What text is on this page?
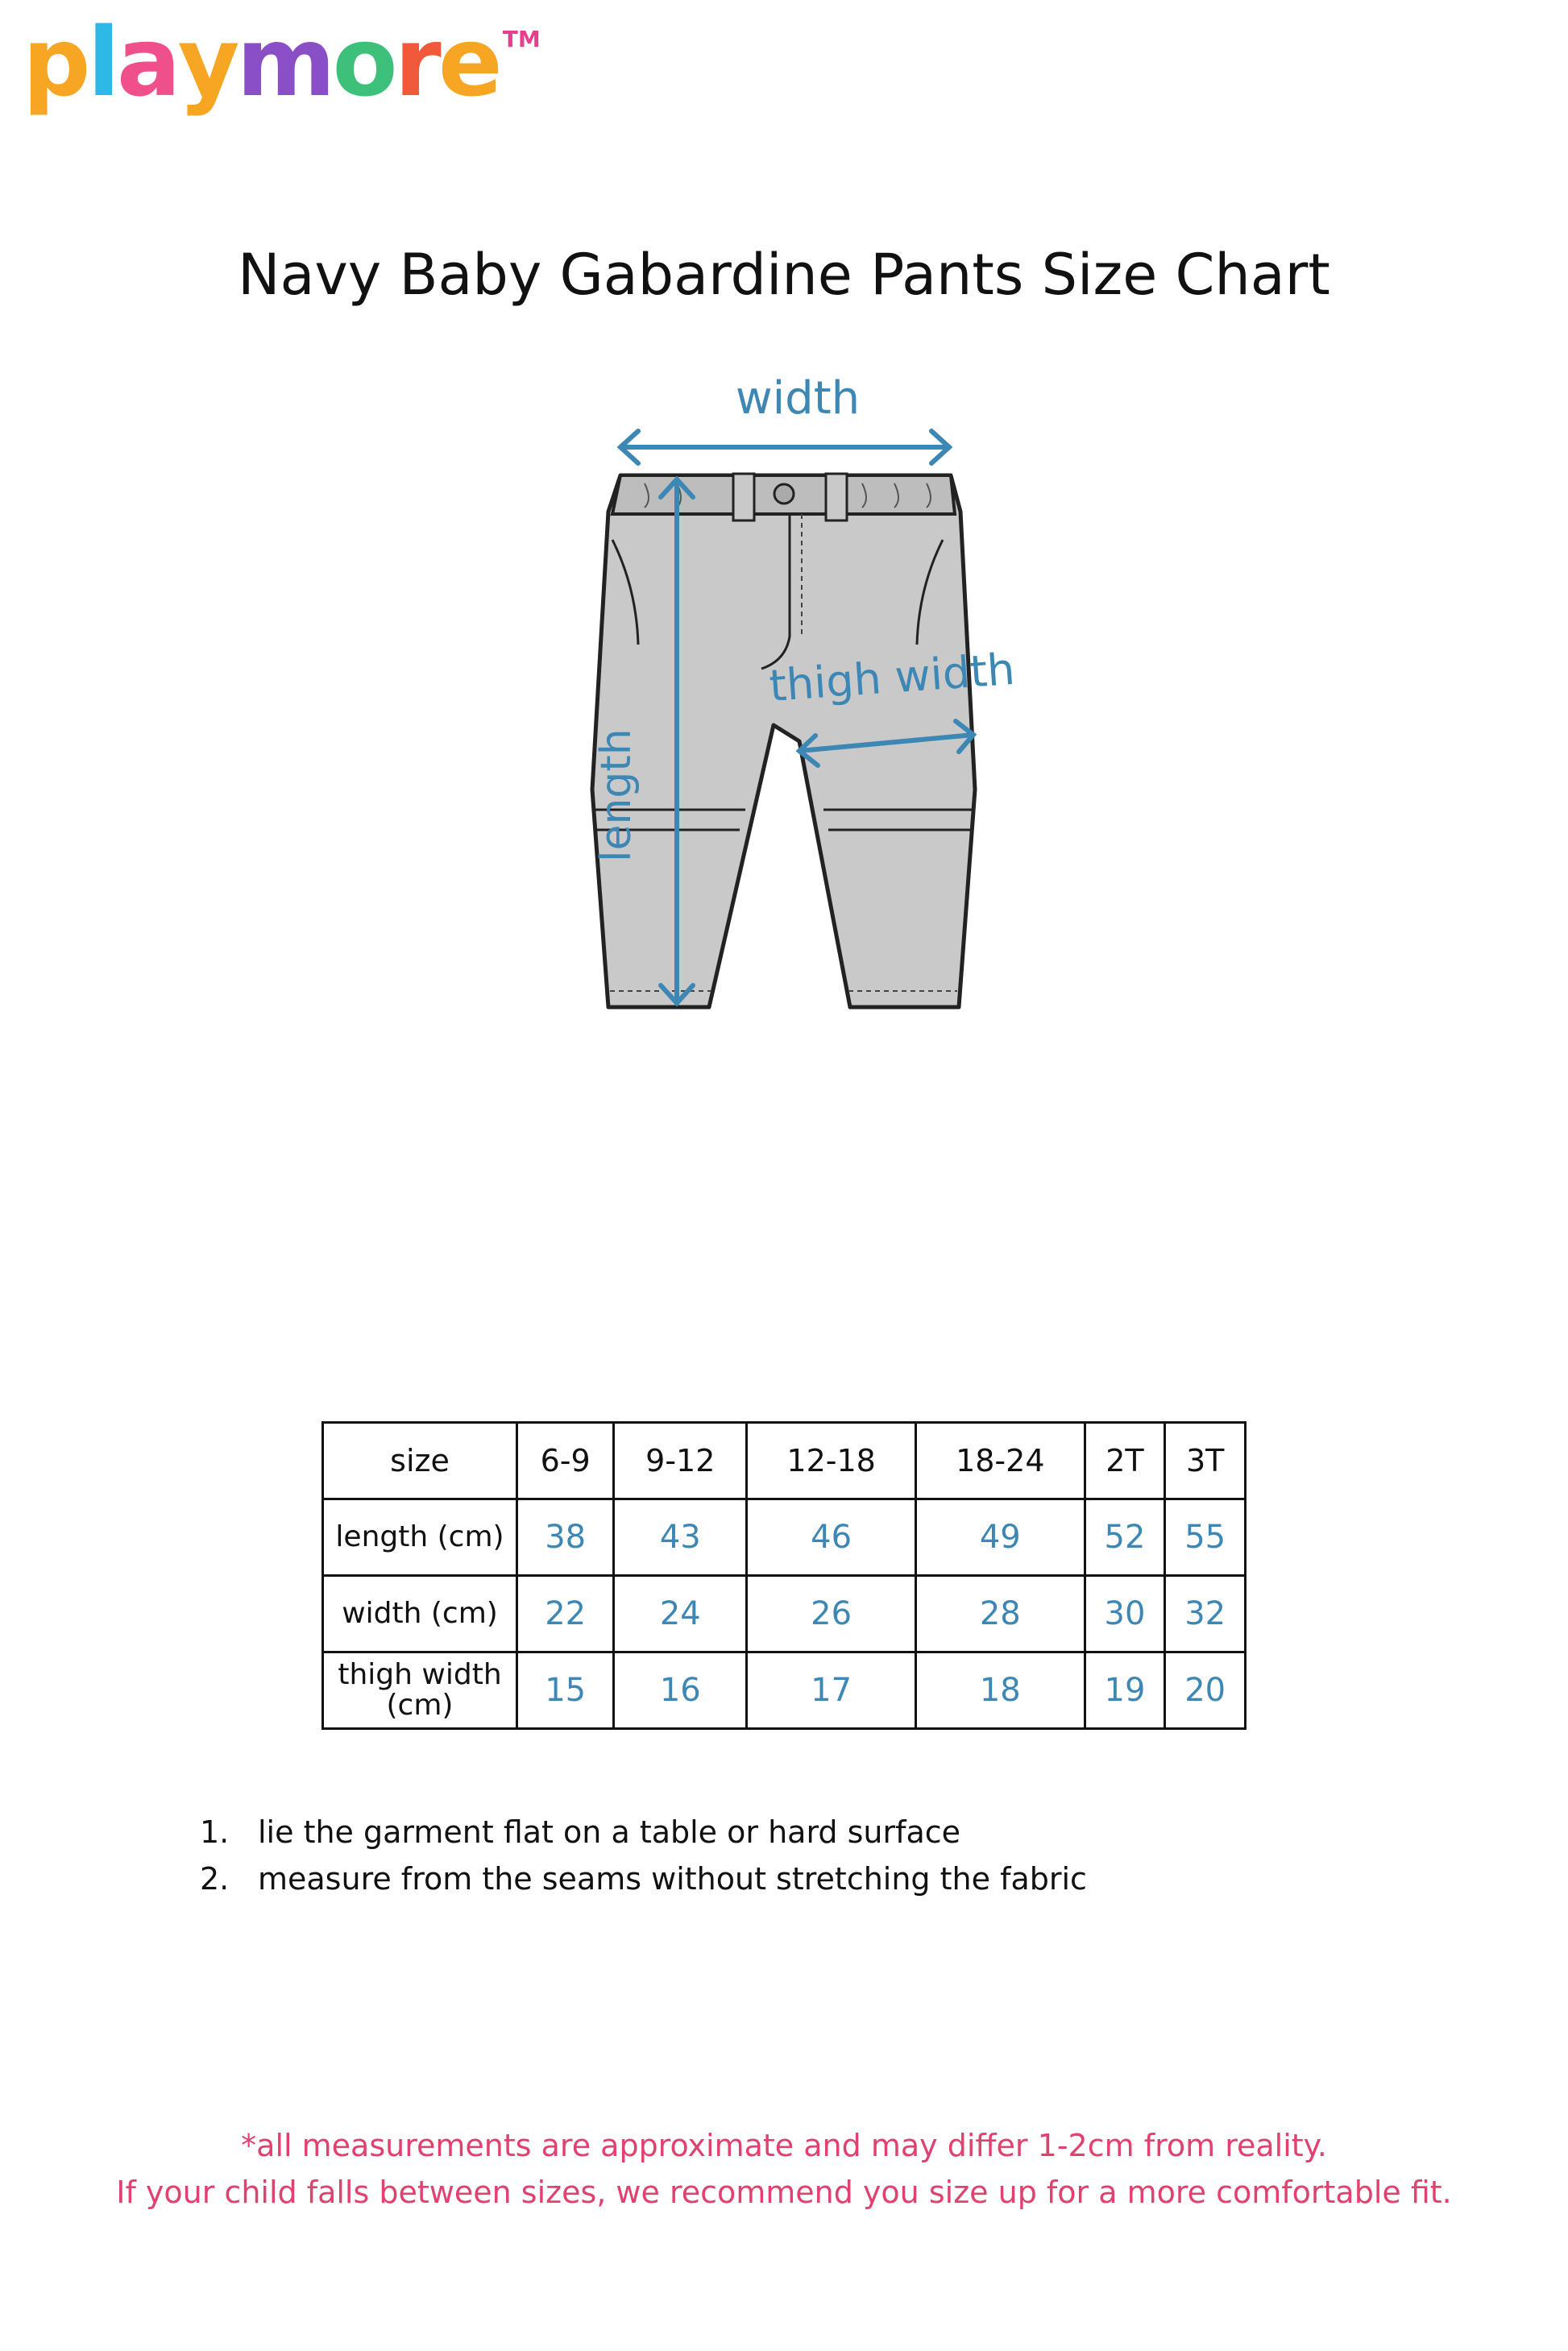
p l a y m o r e TM
Navy Baby Gabardine Pants Size Chart
width
thigh width
length
size	6-9	9-12	12-18	18-24	2T	3T
length (cm)	38	43	46	49	52	55
width (cm)	22	24	26	28	30	32
thigh width (cm)	15	16	17	18	19	20
1. lie the garment flat on a table or hard surface
2. measure from the seams without stretching the fabric
*all measurements are approximate and may differ 1-2cm from reality.
If your child falls between sizes, we recommend you size up for a more comfortable fit.
